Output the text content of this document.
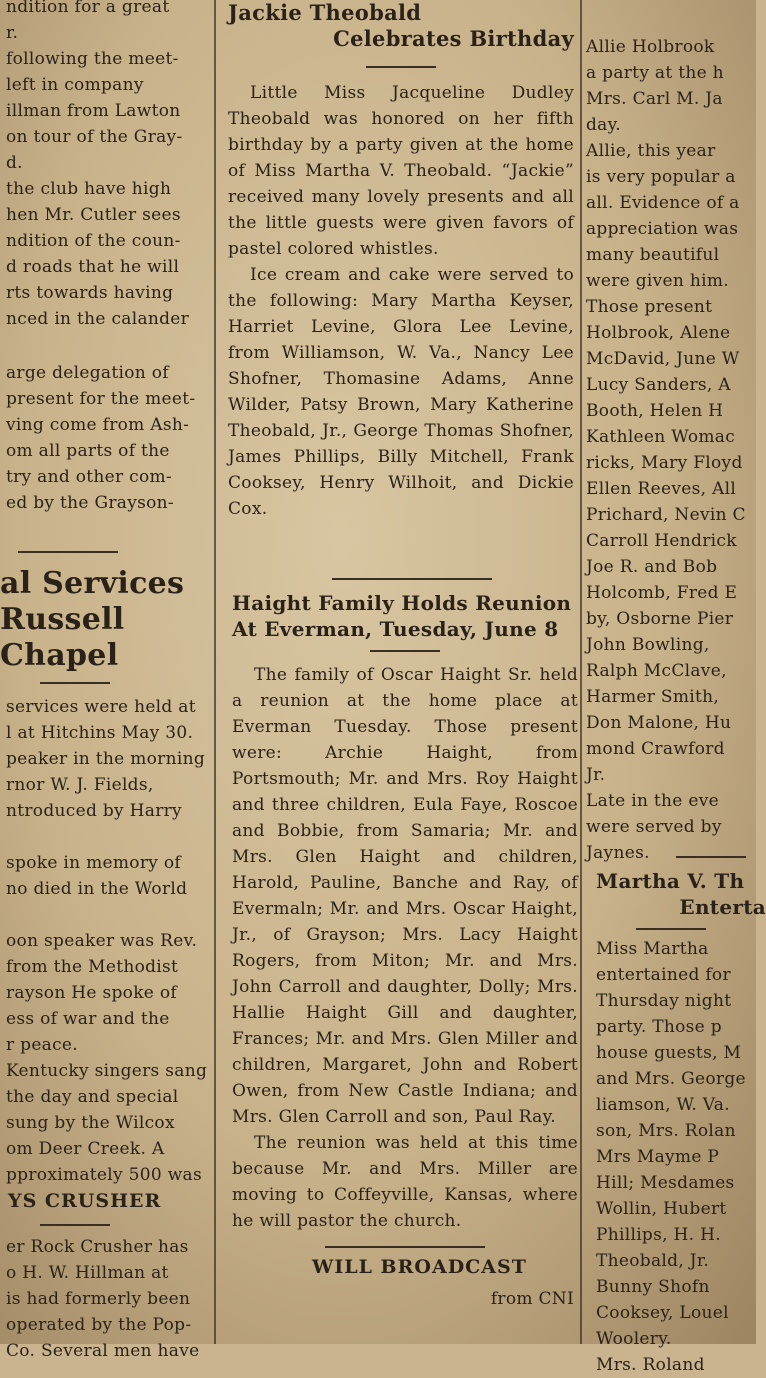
ndition for a great
r.
following the meet-
left in company
illman from Lawton
on tour of the Gray-
d.
the club have high
hen Mr. Cutler sees
ndition of the coun-
d roads that he will
rts towards having
nced in the calander
arge delegation of
present for the meet-
ving come from Ash-
om all parts of the
try and other com-
ed by the Grayson-

al Services

Russell Chapel

services were held at
l at Hitchins May 30.
peaker in the morning
rnor W. J. Fields,
ntroduced by Harry
spoke in memory of
no died in the World
oon speaker was Rev.
from the Methodist
rayson He spoke of
ess of war and the
r peace.
Kentucky singers sang
the day and special
sung by the Wilcox
om Deer Creek. A
pproximately 500 was

YS CRUSHER

er Rock Crusher has
o H. W. Hillman at
is had formerly been
operated by the Pop-
Co. Several men have

Jackie Theobald

Celebrates Birthday

Little Miss Jacqueline Dudley Theobald was honored on her fifth birthday by a party given at the home of Miss Martha V. Theobald. “Jackie” received many lovely presents and all the little guests were given favors of pastel colored whistles.

Ice cream and cake were served to the following: Mary Martha Keyser, Harriet Levine, Glora Lee Levine, from Williamson, W. Va., Nancy Lee Shofner, Thomasine Adams, Anne Wilder, Patsy Brown, Mary Katherine Theobald, Jr., George Thomas Shofner, James Phillips, Billy Mitchell, Frank Cooksey, Henry Wilhoit, and Dickie Cox.

Haight Family Holds Reunion

At Everman, Tuesday, June 8

The family of Oscar Haight Sr. held a reunion at the home place at Everman Tuesday. Those present were: Archie Haight, from Portsmouth; Mr. and Mrs. Roy Haight and three children, Eula Faye, Roscoe and Bobbie, from Samaria; Mr. and Mrs. Glen Haight and children, Harold, Pauline, Banche and Ray, of Evermaln; Mr. and Mrs. Oscar Haight, Jr., of Grayson; Mrs. Lacy Haight Rogers, from Miton; Mr. and Mrs. John Carroll and daughter, Dolly; Mrs. Hallie Haight Gill and daughter, Frances; Mr. and Mrs. Glen Miller and children, Margaret, John and Robert Owen, from New Castle Indiana; and Mrs. Glen Carroll and son, Paul Ray.

The reunion was held at this time because Mr. and Mrs. Miller are moving to Coffeyville, Kansas, where he will pastor the church.

WILL BROADCAST

from CNI

Allie Holbrook
a party at the h
Mrs. Carl M. Ja
day.
Allie, this year
is very popular a
all. Evidence of a
appreciation was
many beautiful
were given him.
Those present
Holbrook, Alene
McDavid, June W
Lucy Sanders, A
Booth, Helen H
Kathleen Womac
ricks, Mary Floyd
Ellen Reeves, All
Prichard, Nevin C
Carroll Hendrick
Joe R. and Bob
Holcomb, Fred E
by, Osborne Pier
John Bowling,
Ralph McClave,
Harmer Smith,
Don Malone, Hu
mond Crawford
Jr.
Late in the eve
were served by
Jaynes.

Martha V. Th

Enterta

Miss Martha
entertained for
Thursday night
party. Those p
house guests, M
and Mrs. George
liamson, W. Va.
son, Mrs. Rolan
Mrs Mayme P
Hill; Mesdames
Wollin, Hubert
Phillips, H. H.
Theobald, Jr.
Bunny Shofn
Cooksey, Louel
Woolery.
Mrs. Roland
